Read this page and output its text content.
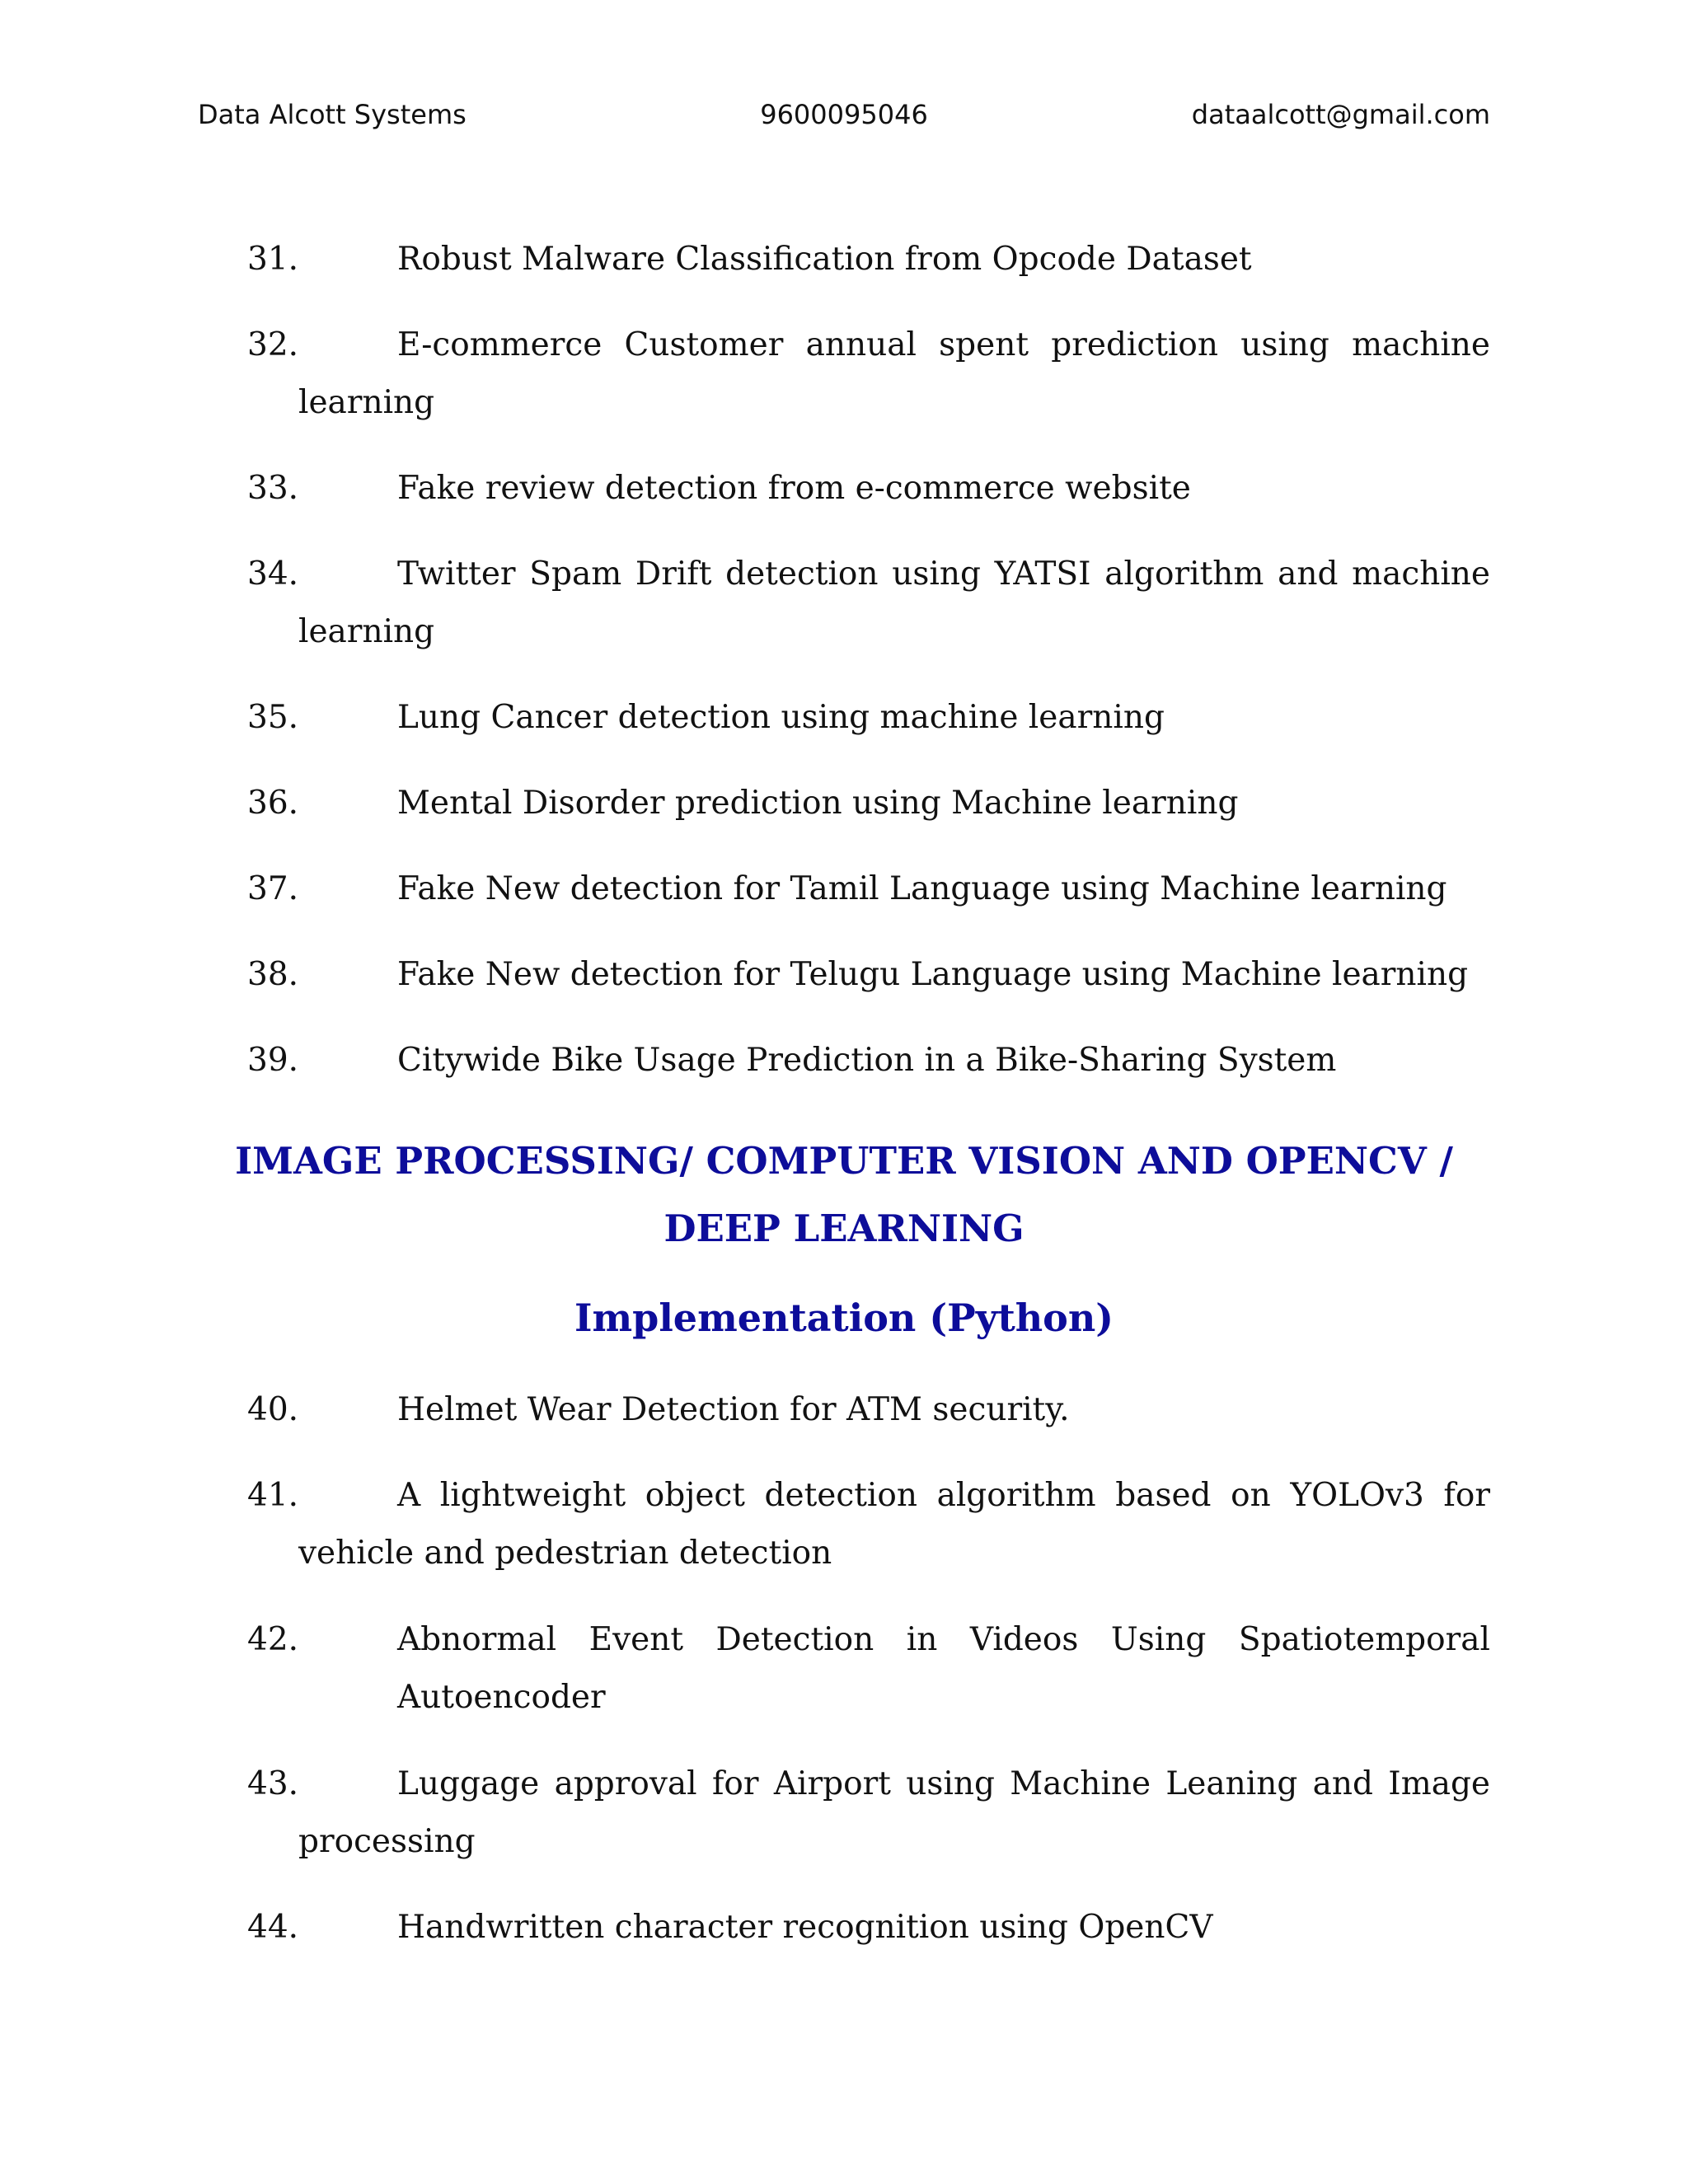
Data Alcott Systems	9600095046	dataalcott@gmail.com
31.	Robust Malware Classification from Opcode Dataset
32.	E-commerce Customer annual spent prediction using machine
learning
33.	Fake review detection from e-commerce website
34.	Twitter Spam Drift detection using YATSI algorithm and machine
learning
35.	Lung Cancer detection using machine learning
36.	Mental Disorder prediction using Machine learning
37.	Fake New detection for Tamil Language using Machine learning
38.	Fake New detection for Telugu Language using Machine learning
39.	Citywide Bike Usage Prediction in a Bike-Sharing System
IMAGE PROCESSING/ COMPUTER VISION AND OPENCV /
DEEP LEARNING
Implementation (Python)
40.	Helmet Wear Detection for ATM security.
41.	A lightweight object detection algorithm based on YOLOv3 for
vehicle and pedestrian detection
42.	Abnormal Event Detection in Videos Using Spatiotemporal
Autoencoder
43.	Luggage approval for Airport using Machine Leaning and Image
processing
44.	Handwritten character recognition using OpenCV
